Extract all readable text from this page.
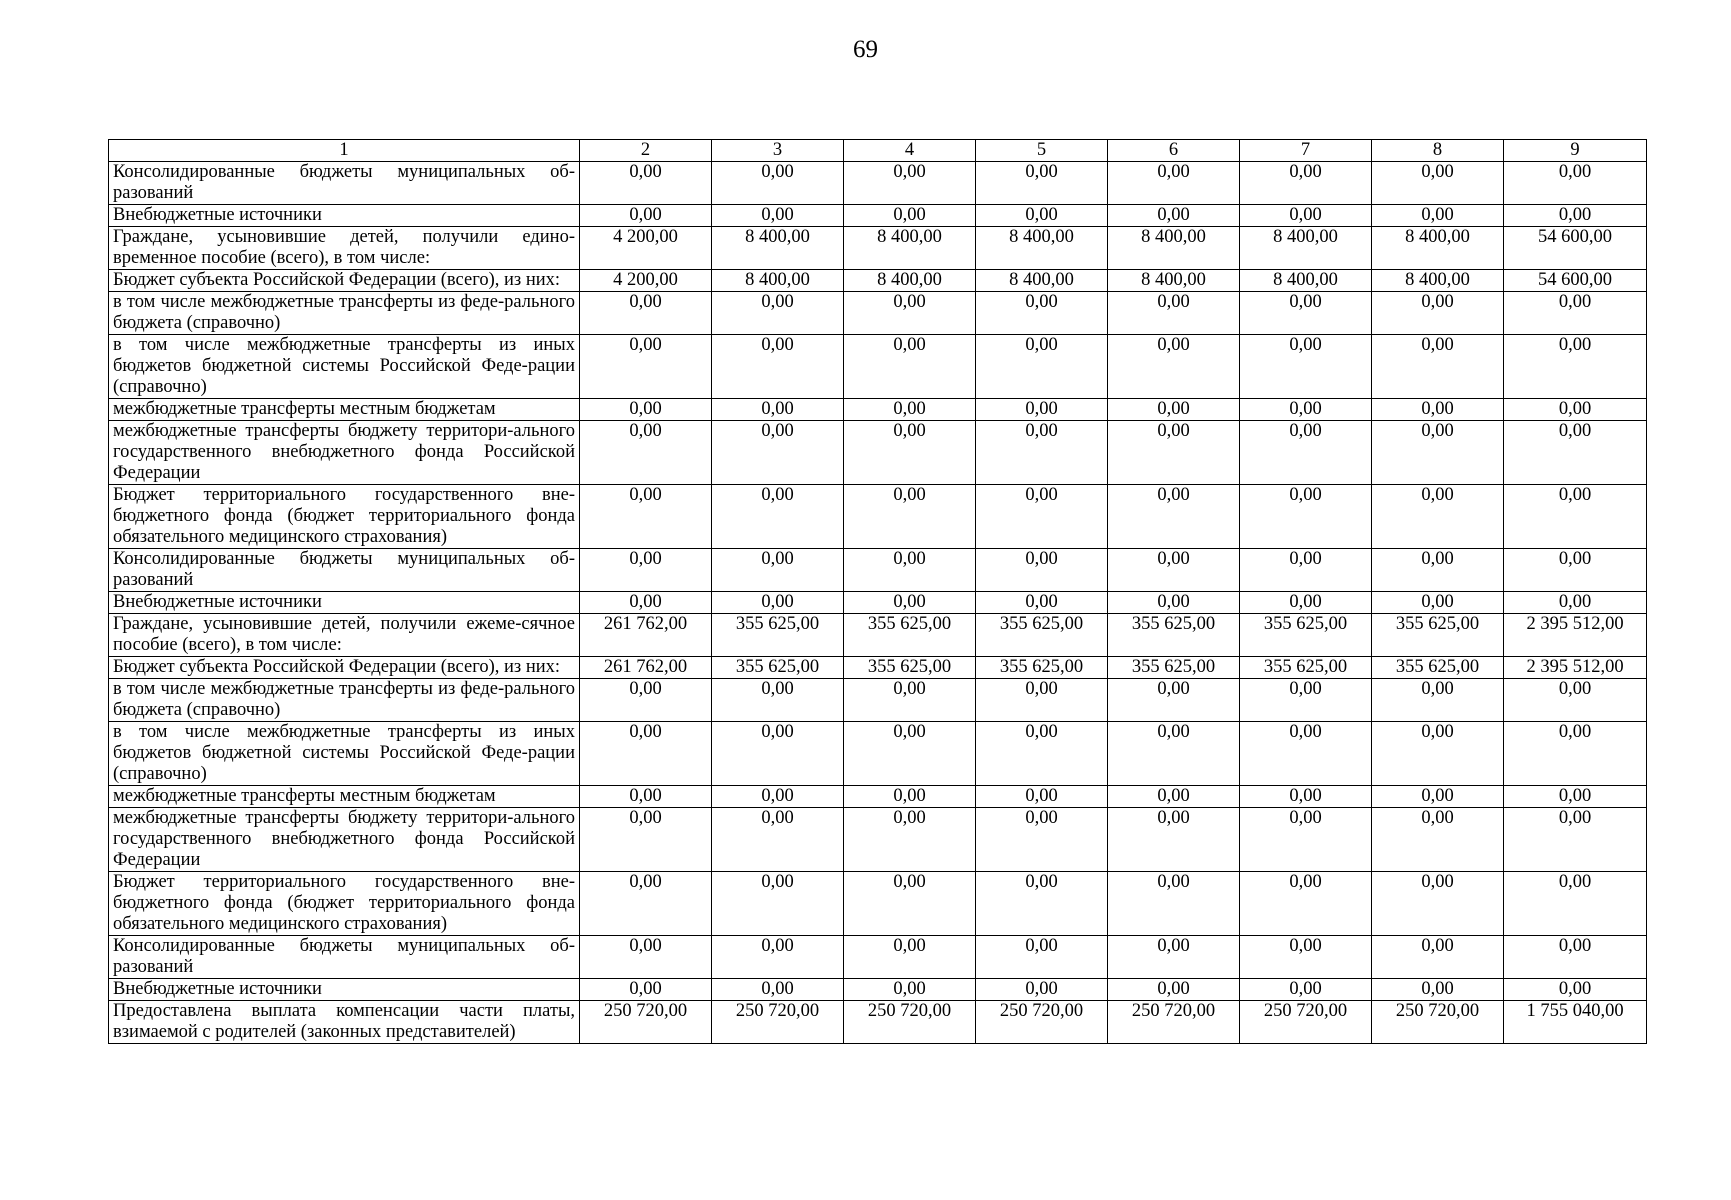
69
1	2	3	4	5	6	7	8	9
Консолидированные бюджеты муниципальных об-разований	0,00	0,00	0,00	0,00	0,00	0,00	0,00	0,00
Внебюджетные источники	0,00	0,00	0,00	0,00	0,00	0,00	0,00	0,00
Граждане, усыновившие детей, получили едино-временное пособие (всего), в том числе:	4 200,00	8 400,00	8 400,00	8 400,00	8 400,00	8 400,00	8 400,00	54 600,00
Бюджет субъекта Российской Федерации (всего), из них:	4 200,00	8 400,00	8 400,00	8 400,00	8 400,00	8 400,00	8 400,00	54 600,00
в том числе межбюджетные трансферты из феде-рального бюджета (справочно)	0,00	0,00	0,00	0,00	0,00	0,00	0,00	0,00
в том числе межбюджетные трансферты из иных бюджетов бюджетной системы Российской Феде-рации (справочно)	0,00	0,00	0,00	0,00	0,00	0,00	0,00	0,00
межбюджетные трансферты местным бюджетам	0,00	0,00	0,00	0,00	0,00	0,00	0,00	0,00
межбюджетные трансферты бюджету территори-ального государственного внебюджетного фонда Российской Федерации	0,00	0,00	0,00	0,00	0,00	0,00	0,00	0,00
Бюджет территориального государственного вне-бюджетного фонда (бюджет территориального фонда обязательного медицинского страхования)	0,00	0,00	0,00	0,00	0,00	0,00	0,00	0,00
Консолидированные бюджеты муниципальных об-разований	0,00	0,00	0,00	0,00	0,00	0,00	0,00	0,00
Внебюджетные источники	0,00	0,00	0,00	0,00	0,00	0,00	0,00	0,00
Граждане, усыновившие детей, получили ежеме-сячное пособие (всего), в том числе:	261 762,00	355 625,00	355 625,00	355 625,00	355 625,00	355 625,00	355 625,00	2 395 512,00
Бюджет субъекта Российской Федерации (всего), из них:	261 762,00	355 625,00	355 625,00	355 625,00	355 625,00	355 625,00	355 625,00	2 395 512,00
в том числе межбюджетные трансферты из феде-рального бюджета (справочно)	0,00	0,00	0,00	0,00	0,00	0,00	0,00	0,00
в том числе межбюджетные трансферты из иных бюджетов бюджетной системы Российской Феде-рации (справочно)	0,00	0,00	0,00	0,00	0,00	0,00	0,00	0,00
межбюджетные трансферты местным бюджетам	0,00	0,00	0,00	0,00	0,00	0,00	0,00	0,00
межбюджетные трансферты бюджету территори-ального государственного внебюджетного фонда Российской Федерации	0,00	0,00	0,00	0,00	0,00	0,00	0,00	0,00
Бюджет территориального государственного вне-бюджетного фонда (бюджет территориального фонда обязательного медицинского страхования)	0,00	0,00	0,00	0,00	0,00	0,00	0,00	0,00
Консолидированные бюджеты муниципальных об-разований	0,00	0,00	0,00	0,00	0,00	0,00	0,00	0,00
Внебюджетные источники	0,00	0,00	0,00	0,00	0,00	0,00	0,00	0,00
Предоставлена выплата компенсации части платы, взимаемой с родителей (законных представителей)	250 720,00	250 720,00	250 720,00	250 720,00	250 720,00	250 720,00	250 720,00	1 755 040,00
